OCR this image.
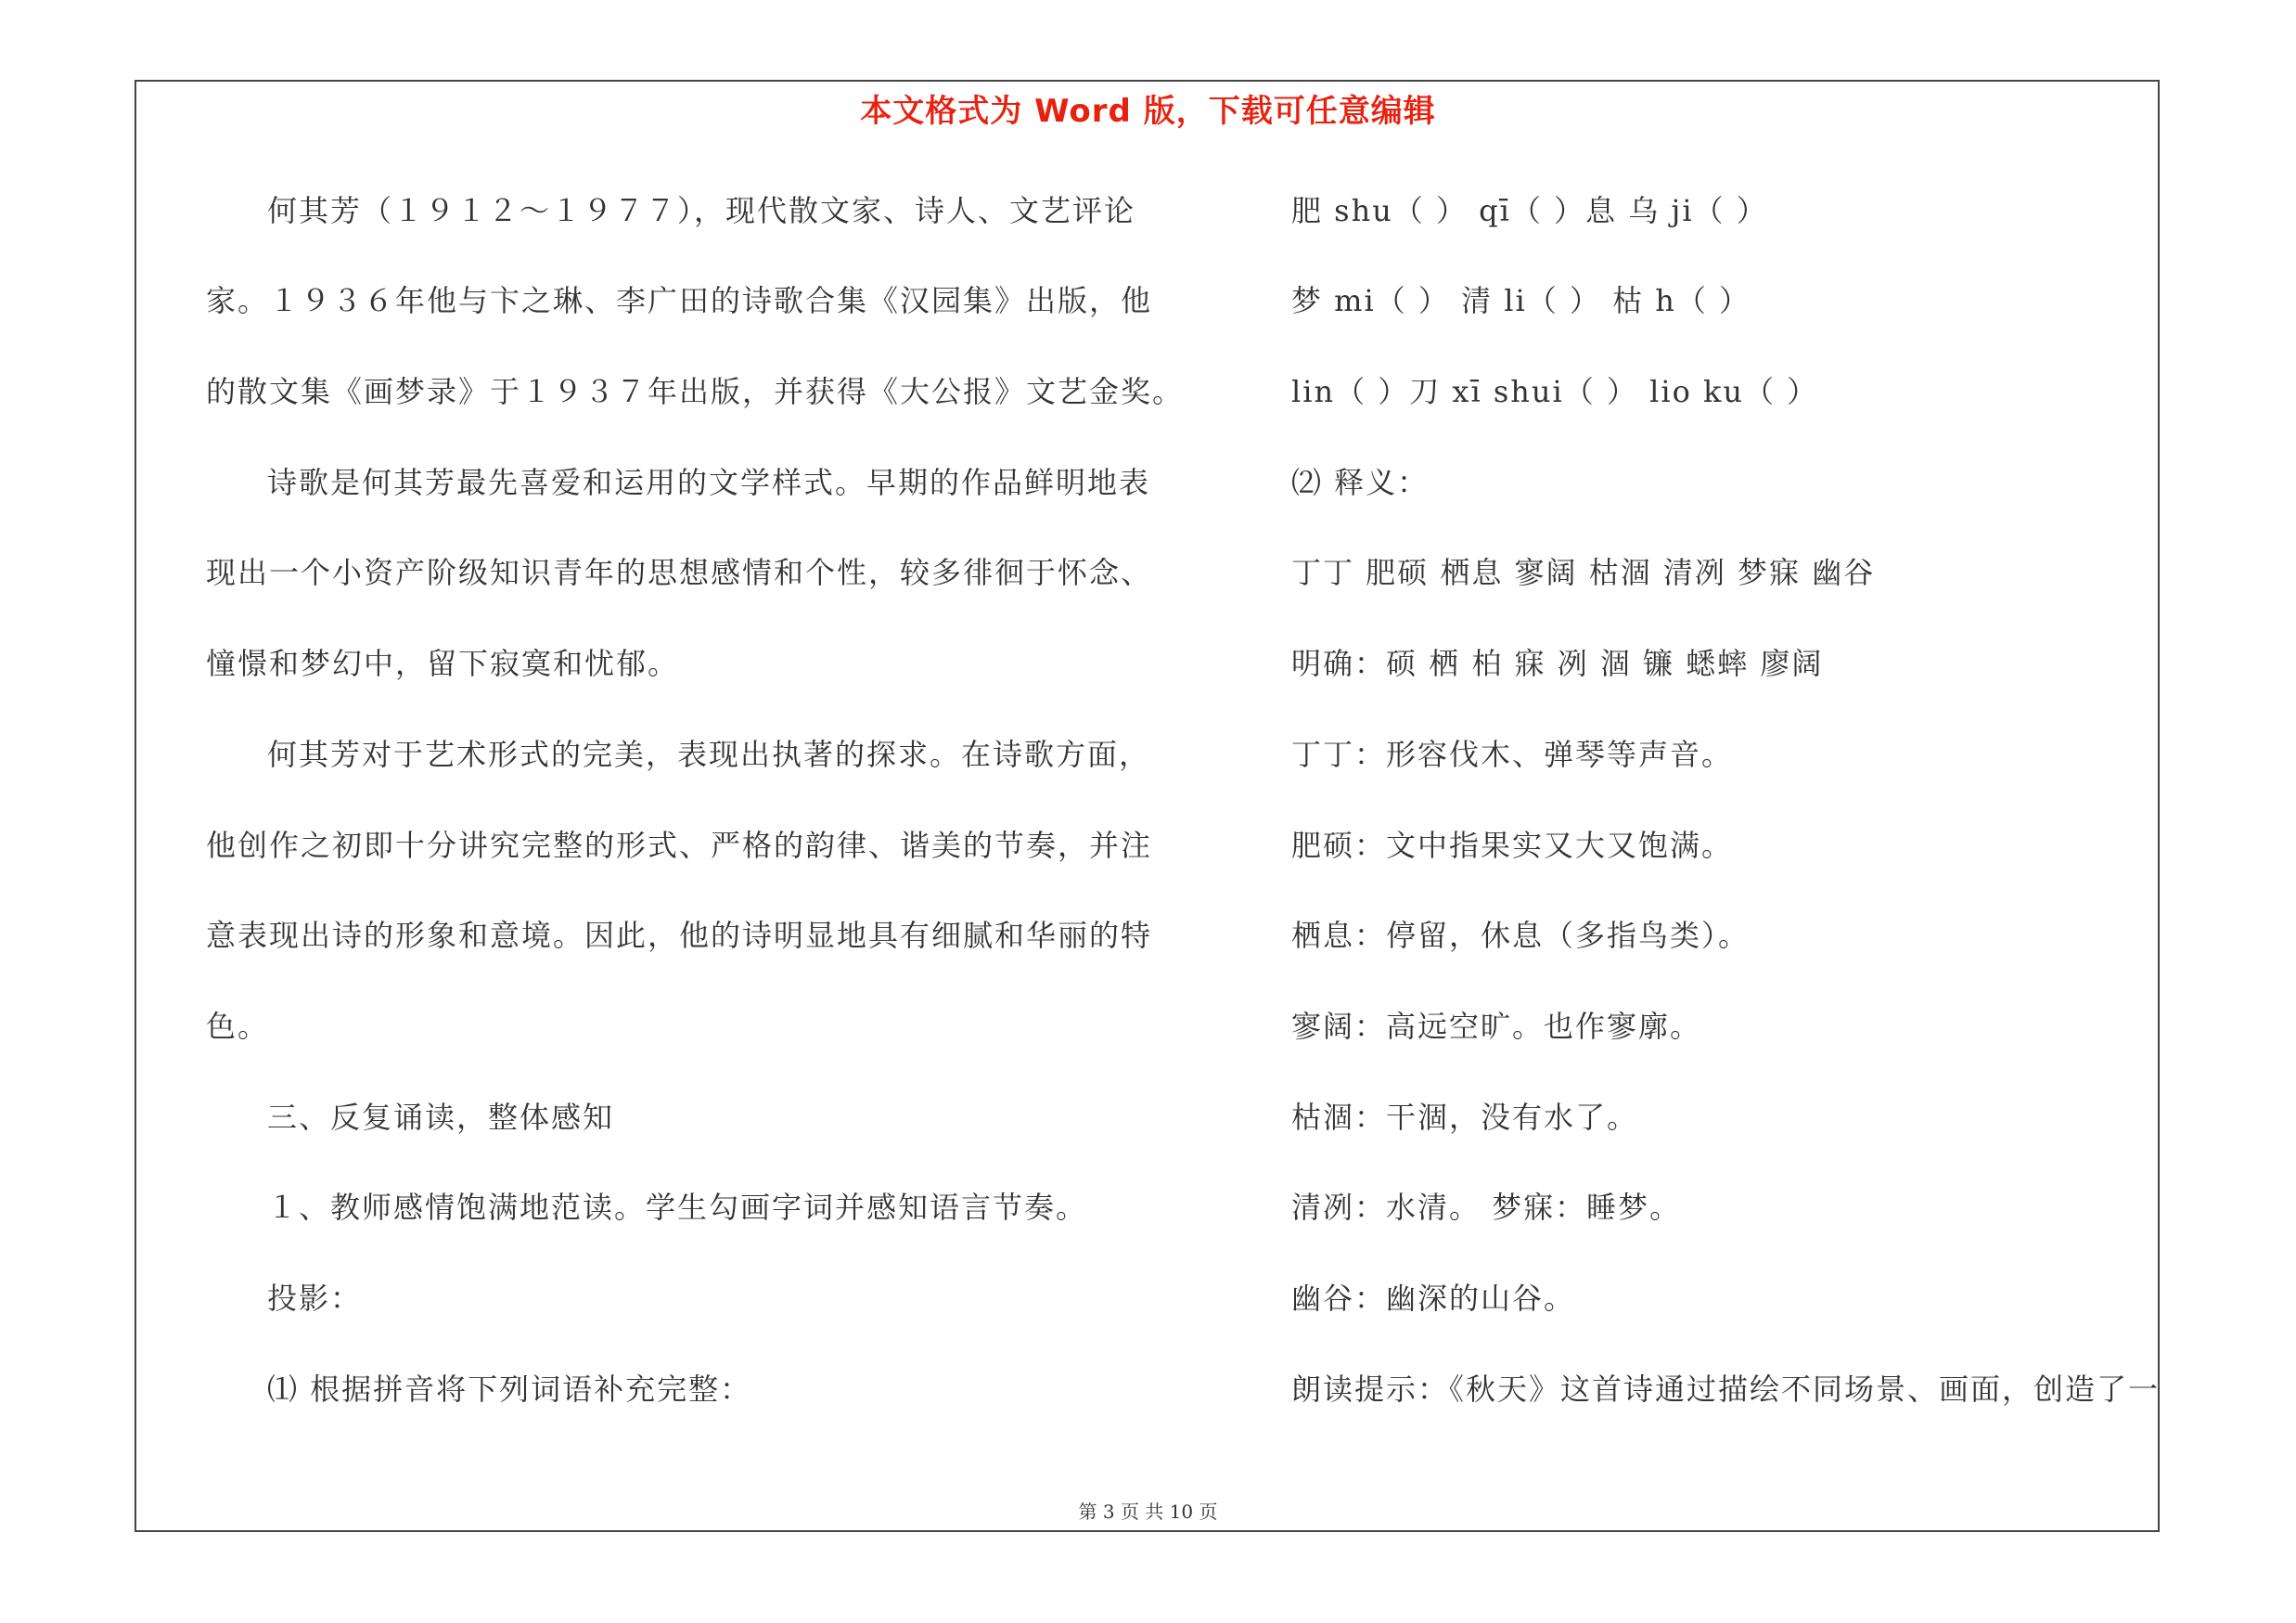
本文格式为 Word 版，下载可任意编辑
何其芳（１９１２～１９７７），现代散文家、诗人、文艺评论
家。１９３６年他与卞之琳、李广田的诗歌合集《汉园集》出版，他
的散文集《画梦录》于１９３７年出版，并获得《大公报》文艺金奖。
诗歌是何其芳最先喜爱和运用的文学样式。早期的作品鲜明地表
现出一个小资产阶级知识青年的思想感情和个性，较多徘徊于怀念、
憧憬和梦幻中，留下寂寞和忧郁。
何其芳对于艺术形式的完美，表现出执著的探求。在诗歌方面，
他创作之初即十分讲究完整的形式、严格的韵律、谐美的节奏，并注
意表现出诗的形象和意境。因此，他的诗明显地具有细腻和华丽的特
色。
三、反复诵读，整体感知
１、教师感情饱满地范读。学生勾画字词并感知语言节奏。
投影：
⑴ 根据拼音将下列词语补充完整：
肥 shu（ ） qī（ ）息 乌 ji（ ）
梦 mi（ ） 清 li（ ） 枯 h（ ）
lin（ ）刀 xī shui（ ） lio ku（ ）
⑵ 释义：
丁丁 肥硕 栖息 寥阔 枯涸 清冽 梦寐 幽谷
明确：硕 栖 柏 寐 冽 涸 镰 蟋蟀 廖阔
丁丁：形容伐木、弹琴等声音。
肥硕：文中指果实又大又饱满。
栖息：停留，休息（多指鸟类）。
寥阔：高远空旷。也作寥廓。
枯涸：干涸，没有水了。
清冽：水清。 梦寐：睡梦。
幽谷：幽深的山谷。
朗读提示：《秋天》这首诗通过描绘不同场景、画面，创造了一
第 3 页 共 10 页
